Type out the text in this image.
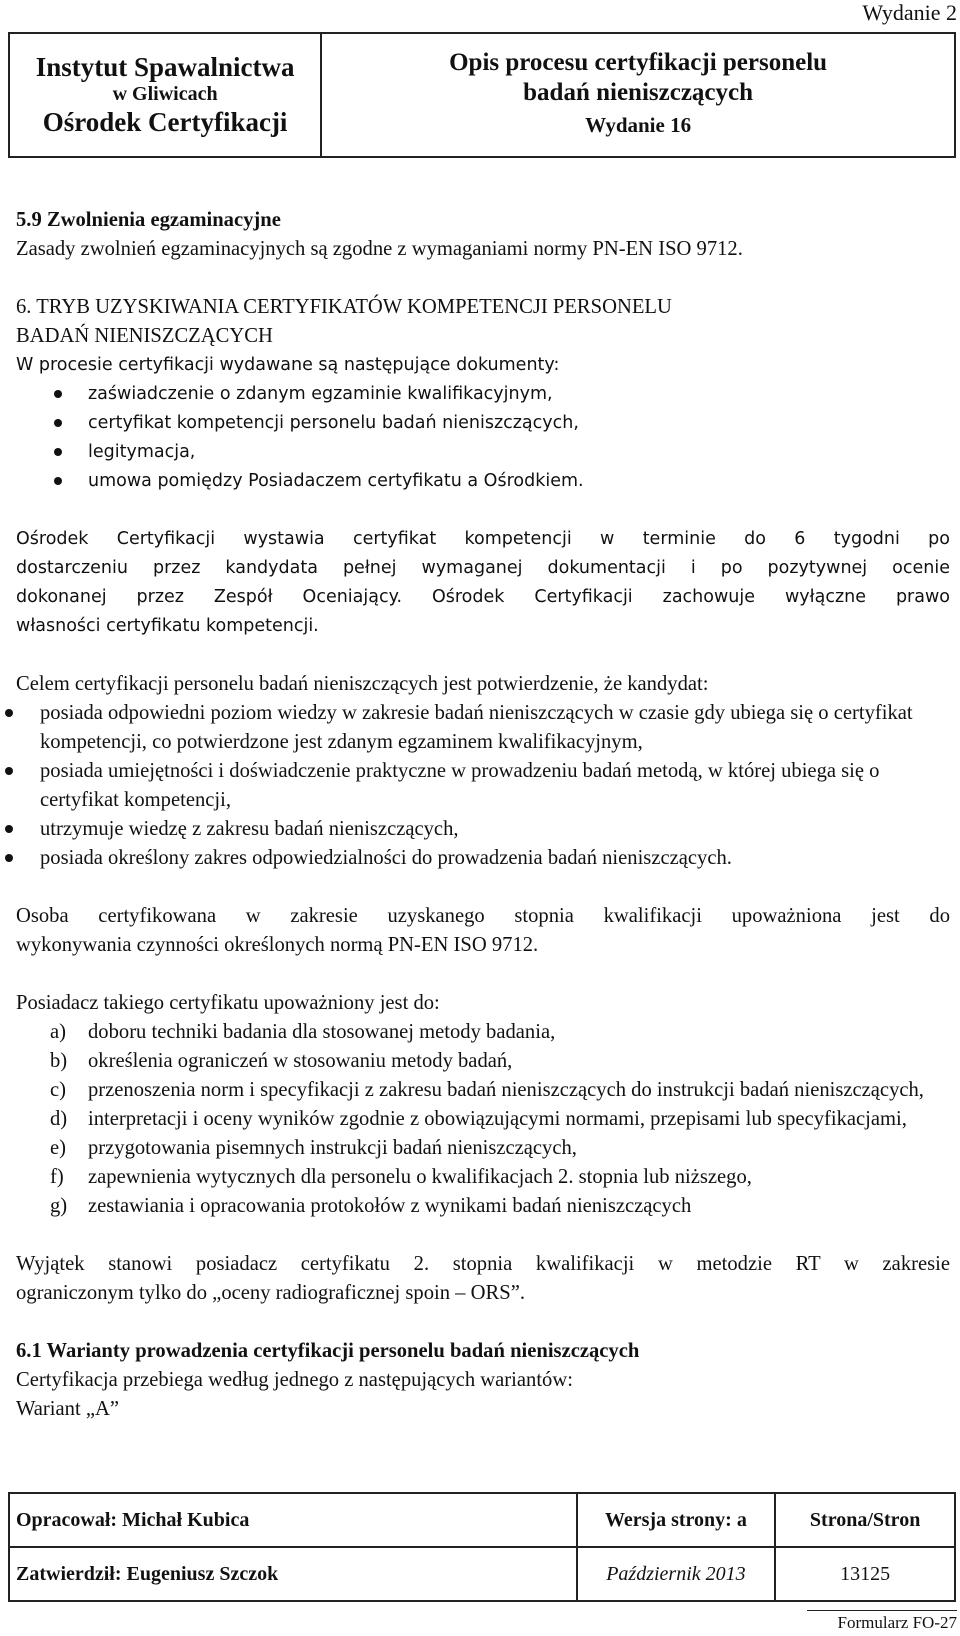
Wydanie 2
Instytut Spawalnictwa
w Gliwicach
Ośrodek Certyfikacji

Opis procesu certyfikacji personelu
badań nieniszczących
Wydanie 16
5.9 Zwolnienia egzaminacyjne
Zasady zwolnień egzaminacyjnych są zgodne z wymaganiami normy PN-EN ISO 9712.
6. TRYB UZYSKIWANIA CERTYFIKATÓW KOMPETENCJI PERSONELU
BADAŃ NIENISZCZĄCYCH
W procesie certyfikacji wydawane są następujące dokumenty:
zaświadczenie o zdanym egzaminie kwalifikacyjnym,
certyfikat kompetencji personelu badań nieniszczących,
legitymacja,
umowa pomiędzy Posiadaczem certyfikatu a Ośrodkiem.
Ośrodek Certyfikacji wystawia certyfikat kompetencji w terminie do 6 tygodni po
dostarczeniu przez kandydata pełnej wymaganej dokumentacji i po pozytywnej ocenie
dokonanej przez Zespół Oceniający. Ośrodek Certyfikacji zachowuje wyłączne prawo
własności certyfikatu kompetencji.
Celem certyfikacji personelu badań nieniszczących jest potwierdzenie, że kandydat:
posiada odpowiedni poziom wiedzy w zakresie badań nieniszczących w czasie gdy ubiega się o certyfikat kompetencji, co potwierdzone jest zdanym egzaminem kwalifikacyjnym,
posiada umiejętności i doświadczenie praktyczne w prowadzeniu badań metodą, w której ubiega się o certyfikat kompetencji,
utrzymuje wiedzę z zakresu badań nieniszczących,
posiada określony zakres odpowiedzialności do prowadzenia badań nieniszczących.
Osoba certyfikowana w zakresie uzyskanego stopnia kwalifikacji upoważniona jest do
wykonywania czynności określonych normą PN-EN ISO 9712.
Posiadacz takiego certyfikatu upoważniony jest do:
a) doboru techniki badania dla stosowanej metody badania,
b) określenia ograniczeń w stosowaniu metody badań,
c) przenoszenia norm i specyfikacji z zakresu badań nieniszczących do instrukcji badań nieniszczących,
d) interpretacji i oceny wyników zgodnie z obowiązującymi normami, przepisami lub specyfikacjami,
e) przygotowania pisemnych instrukcji badań nieniszczących,
f) zapewnienia wytycznych dla personelu o kwalifikacjach 2. stopnia lub niższego,
g) zestawiania i opracowania protokołów z wynikami badań nieniszczących
Wyjątek stanowi posiadacz certyfikatu 2. stopnia kwalifikacji w metodzie RT w zakresie
ograniczonym tylko do „oceny radiograficznej spoin – ORS”.
6.1 Warianty prowadzenia certyfikacji personelu badań nieniszczących
Certyfikacja przebiega według jednego z następujących wariantów:
Wariant „A”
Opracował: Michał Kubica	Wersja strony: a	Strona/Stron
Zatwierdził: Eugeniusz Szczok	Październik 2013	13125
Formularz FO-27
